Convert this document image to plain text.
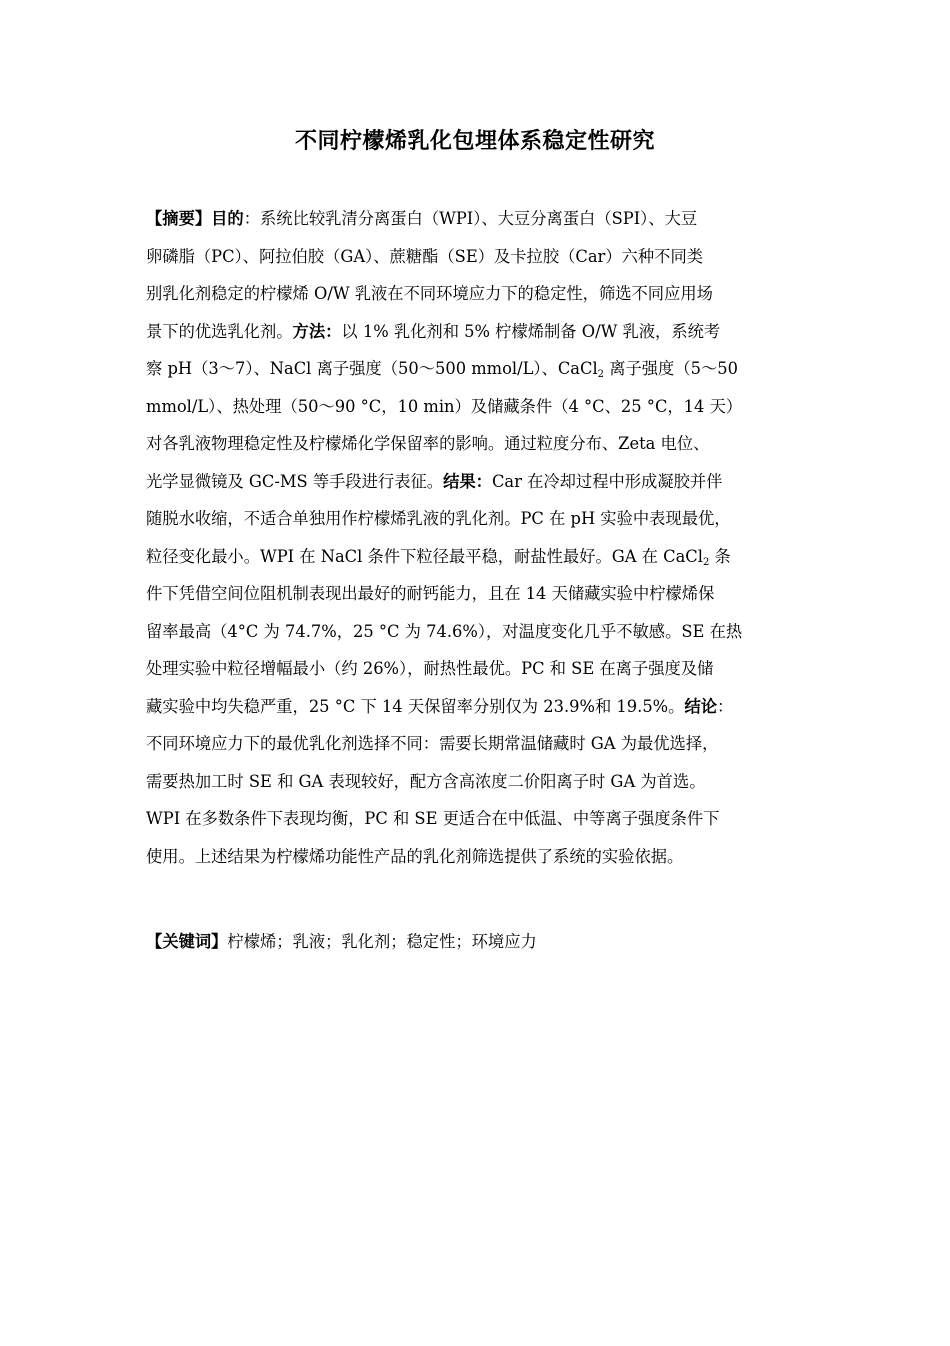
不同柠檬烯乳化包埋体系稳定性研究
【摘要】目的：系统比较乳清分离蛋白（WPI）、大豆分离蛋白（SPI）、大豆
卵磷脂（PC）、阿拉伯胶（GA）、蔗糖酯（SE）及卡拉胶（Car）六种不同类
别乳化剂稳定的柠檬烯 O/W 乳液在不同环境应力下的稳定性，筛选不同应用场
景下的优选乳化剂。方法：以 1% 乳化剂和 5% 柠檬烯制备 O/W 乳液，系统考
察 pH（3～7）、NaCl 离子强度（50～500 mmol/L）、CaCl$_2$ 离子强度（5～50
mmol/L）、热处理（50～90 °C，10 min）及储藏条件（4 °C、25 °C，14 天）
对各乳液物理稳定性及柠檬烯化学保留率的影响。通过粒度分布、Zeta 电位、
光学显微镜及 GC-MS 等手段进行表征。结果：Car 在冷却过程中形成凝胶并伴
随脱水收缩，不适合单独用作柠檬烯乳液的乳化剂。PC 在 pH 实验中表现最优，
粒径变化最小。WPI 在 NaCl 条件下粒径最平稳，耐盐性最好。GA 在 CaCl$_2$ 条
件下凭借空间位阻机制表现出最好的耐钙能力，且在 14 天储藏实验中柠檬烯保
留率最高（4°C 为 74.7%，25 °C 为 74.6%），对温度变化几乎不敏感。SE 在热
处理实验中粒径增幅最小（约 26%），耐热性最优。PC 和 SE 在离子强度及储
藏实验中均失稳严重，25 °C 下 14 天保留率分别仅为 23.9%和 19.5%。结论：
不同环境应力下的最优乳化剂选择不同：需要长期常温储藏时 GA 为最优选择，
需要热加工时 SE 和 GA 表现较好，配方含高浓度二价阳离子时 GA 为首选。
WPI 在多数条件下表现均衡，PC 和 SE 更适合在中低温、中等离子强度条件下
使用。上述结果为柠檬烯功能性产品的乳化剂筛选提供了系统的实验依据。
【关键词】柠檬烯；乳液；乳化剂；稳定性；环境应力
